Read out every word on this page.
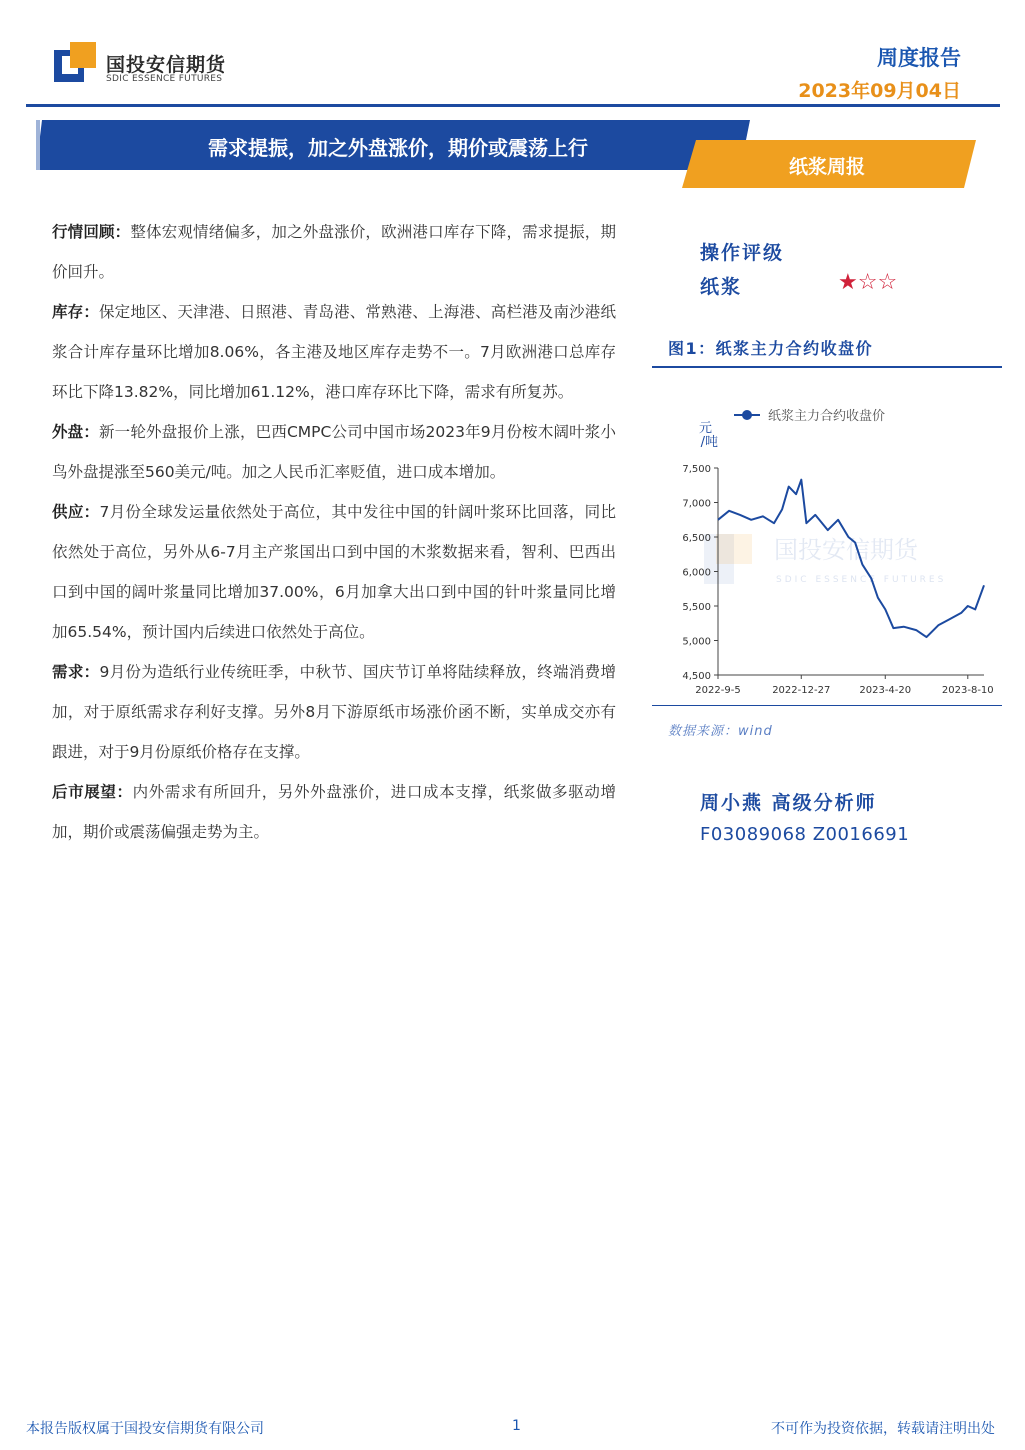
国投安信期货
SDIC ESSENCE FUTURES
周度报告
2023年09月04日
需求提振，加之外盘涨价，期价或震荡上行
纸浆周报

行情回顾：整体宏观情绪偏多，加之外盘涨价，欧洲港口库存下降，需求提振，期价回升。

库存：保定地区、天津港、日照港、青岛港、常熟港、上海港、高栏港及南沙港纸浆合计库存量环比增加8.06%，各主港及地区库存走势不一。7月欧洲港口总库存环比下降13.82%，同比增加61.12%，港口库存环比下降，需求有所复苏。

外盘：新一轮外盘报价上涨，巴西CMPC公司中国市场2023年9月份桉木阔叶浆小鸟外盘提涨至560美元/吨。加之人民币汇率贬值，进口成本增加。

供应：7月份全球发运量依然处于高位，其中发往中国的针阔叶浆环比回落，同比依然处于高位，另外从6-7月主产浆国出口到中国的木浆数据来看，智利、巴西出口到中国的阔叶浆量同比增加37.00%，6月加拿大出口到中国的针叶浆量同比增加65.54%，预计国内后续进口依然处于高位。

需求：9月份为造纸行业传统旺季，中秋节、国庆节订单将陆续释放，终端消费增加，对于原纸需求存利好支撑。另外8月下游原纸市场涨价函不断，实单成交亦有跟进，对于9月份原纸价格存在支撑。

后市展望：内外需求有所回升，另外外盘涨价，进口成本支撑，纸浆做多驱动增加，期价或震荡偏强走势为主。

操作评级
纸浆	★☆☆
图1：纸浆主力合约收盘价
国投安信期货
SDIC ESSENCE FUTURES
纸浆主力合约收盘价
元
/吨
4,500
5,000
5,500
6,000
6,500
7,000
7,500
2022-9-5	2022-12-27	2023-4-20	2023-8-10
数据来源：wind
周小燕 高级分析师
F03089068 Z0016691
本报告版权属于国投安信期货有限公司	1	不可作为投资依据，转载请注明出处
